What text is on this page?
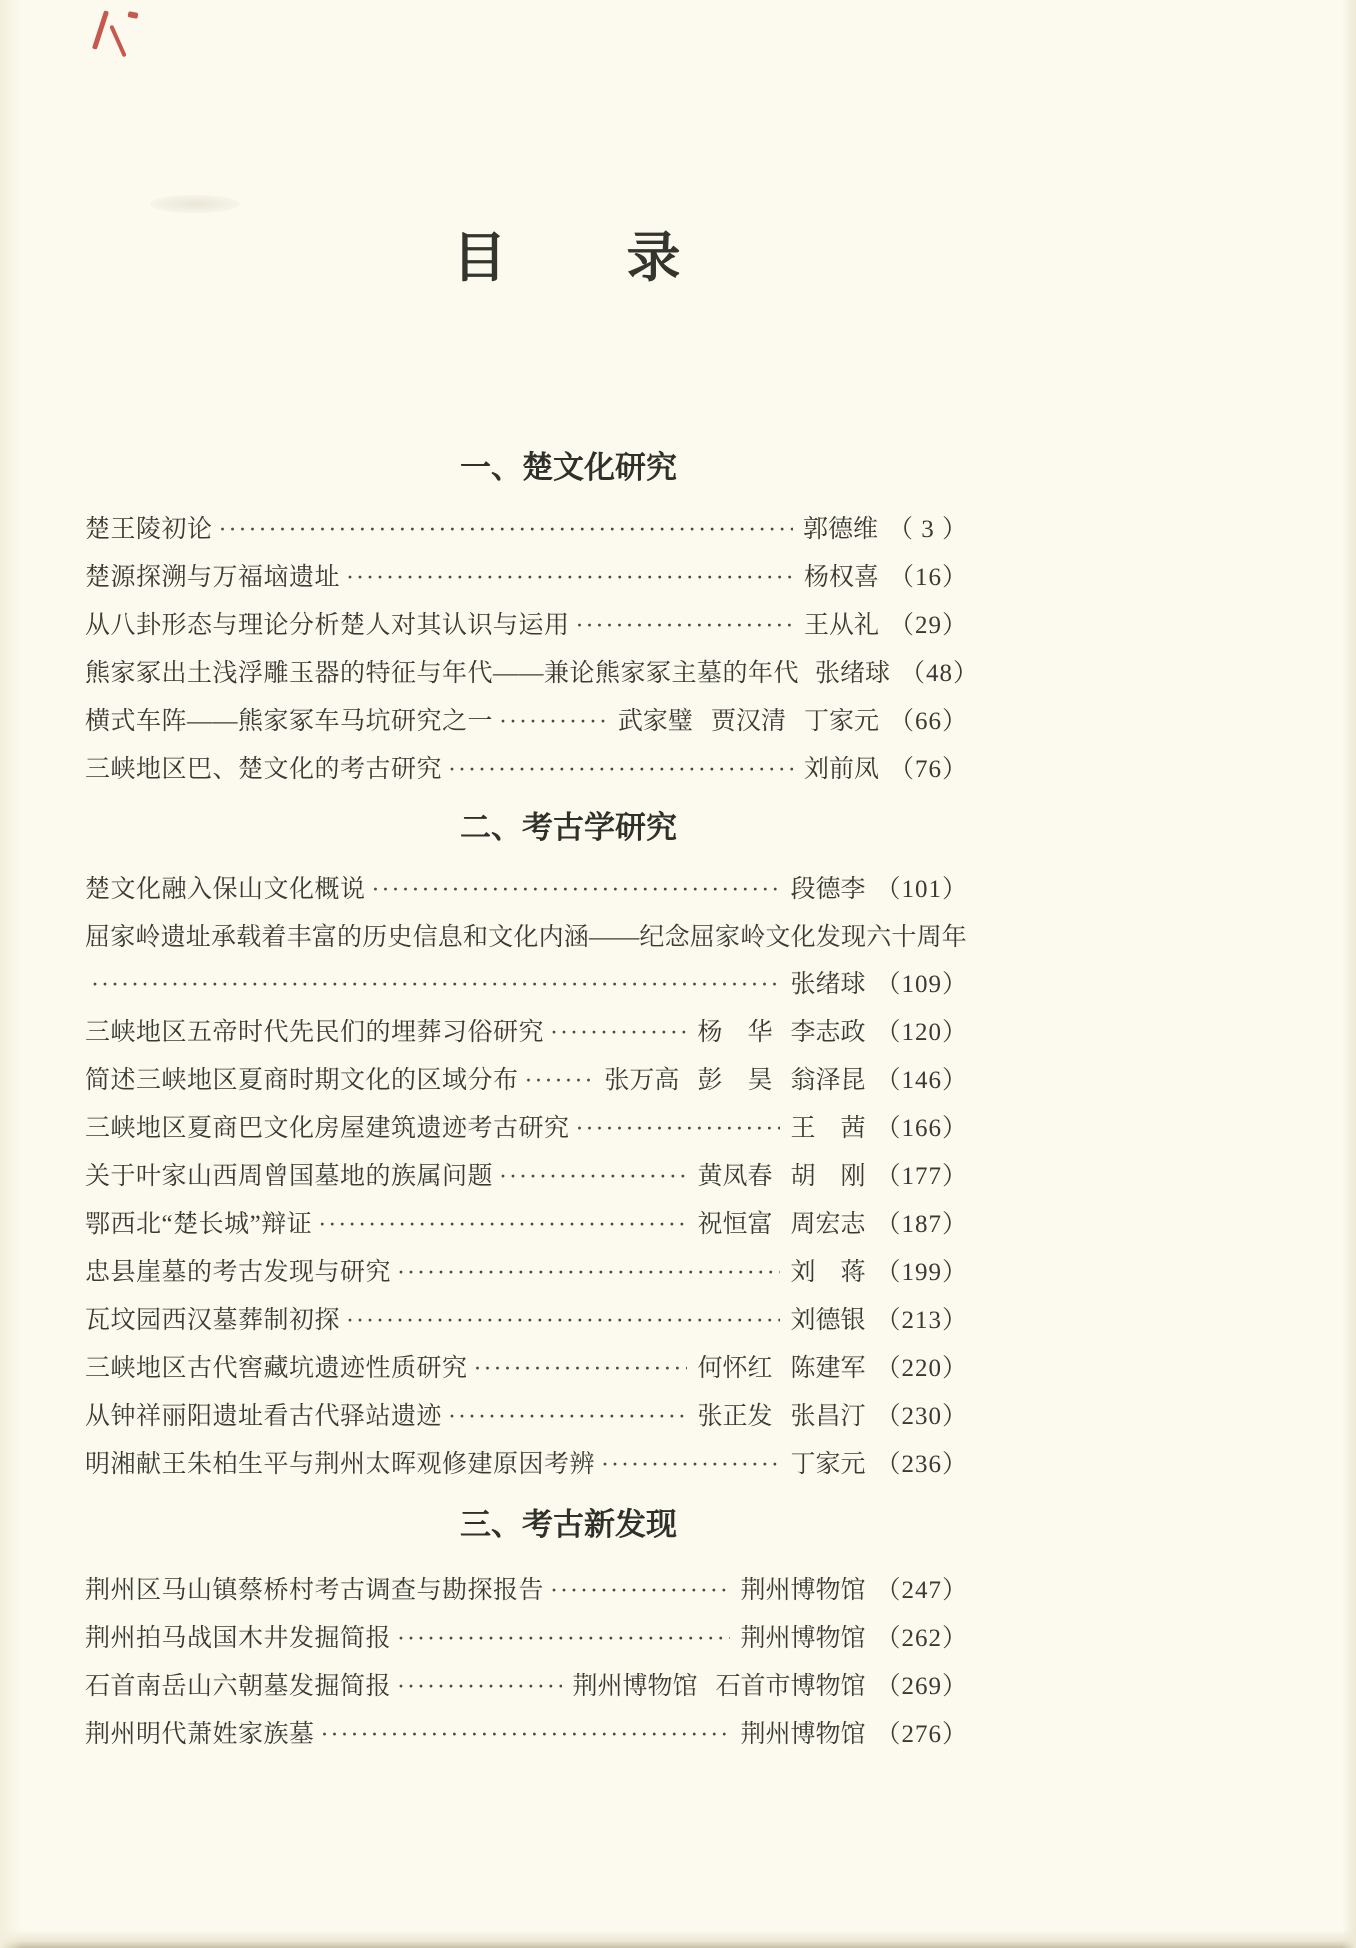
目　　录
一、楚文化研究
楚王陵初论 ·····	郭德维 （ 3 ）
楚源探溯与万福垴遗址 ·····	杨权喜 （16）
从八卦形态与理论分析楚人对其认识与运用 ·····	王从礼 （29）
熊家冢出土浅浮雕玉器的特征与年代——兼论熊家冢主墓的年代 张绪球 （48）
横式车阵——熊家冢车马坑研究之一 ·····	武家璧 贾汉清 丁家元 （66）
三峡地区巴、楚文化的考古研究 ·····	刘前凤 （76）
二、考古学研究
楚文化融入保山文化概说 ·····	段德李 （101）
屈家岭遗址承载着丰富的历史信息和文化内涵——纪念屈家岭文化发现六十周年
·····
张绪球 （109）
三峡地区五帝时代先民们的埋葬习俗研究 ·····	杨　华 李志政 （120）
简述三峡地区夏商时期文化的区域分布 ·····	张万高 彭　昊 翁泽昆 （146）
三峡地区夏商巴文化房屋建筑遗迹考古研究 ·····	王　茜 （166）
关于叶家山西周曾国墓地的族属问题 ·····	黄凤春 胡　刚 （177）
鄂西北“楚长城”辩证 ·····	祝恒富 周宏志 （187）
忠县崖墓的考古发现与研究 ·····	刘　蒋 （199）
瓦坟园西汉墓葬制初探 ·····	刘德银 （213）
三峡地区古代窖藏坑遗迹性质研究 ·····	何怀红 陈建军 （220）
从钟祥丽阳遗址看古代驿站遗迹 ·····	张正发 张昌汀 （230）
明湘献王朱柏生平与荆州太晖观修建原因考辨 ·····	丁家元 （236）
三、考古新发现
荆州区马山镇蔡桥村考古调查与勘探报告 ·····	荆州博物馆 （247）
荆州拍马战国木井发掘简报 ·····	荆州博物馆 （262）
石首南岳山六朝墓发掘简报 ·····	荆州博物馆 石首市博物馆 （269）
荆州明代萧姓家族墓 ·····	荆州博物馆 （276）
